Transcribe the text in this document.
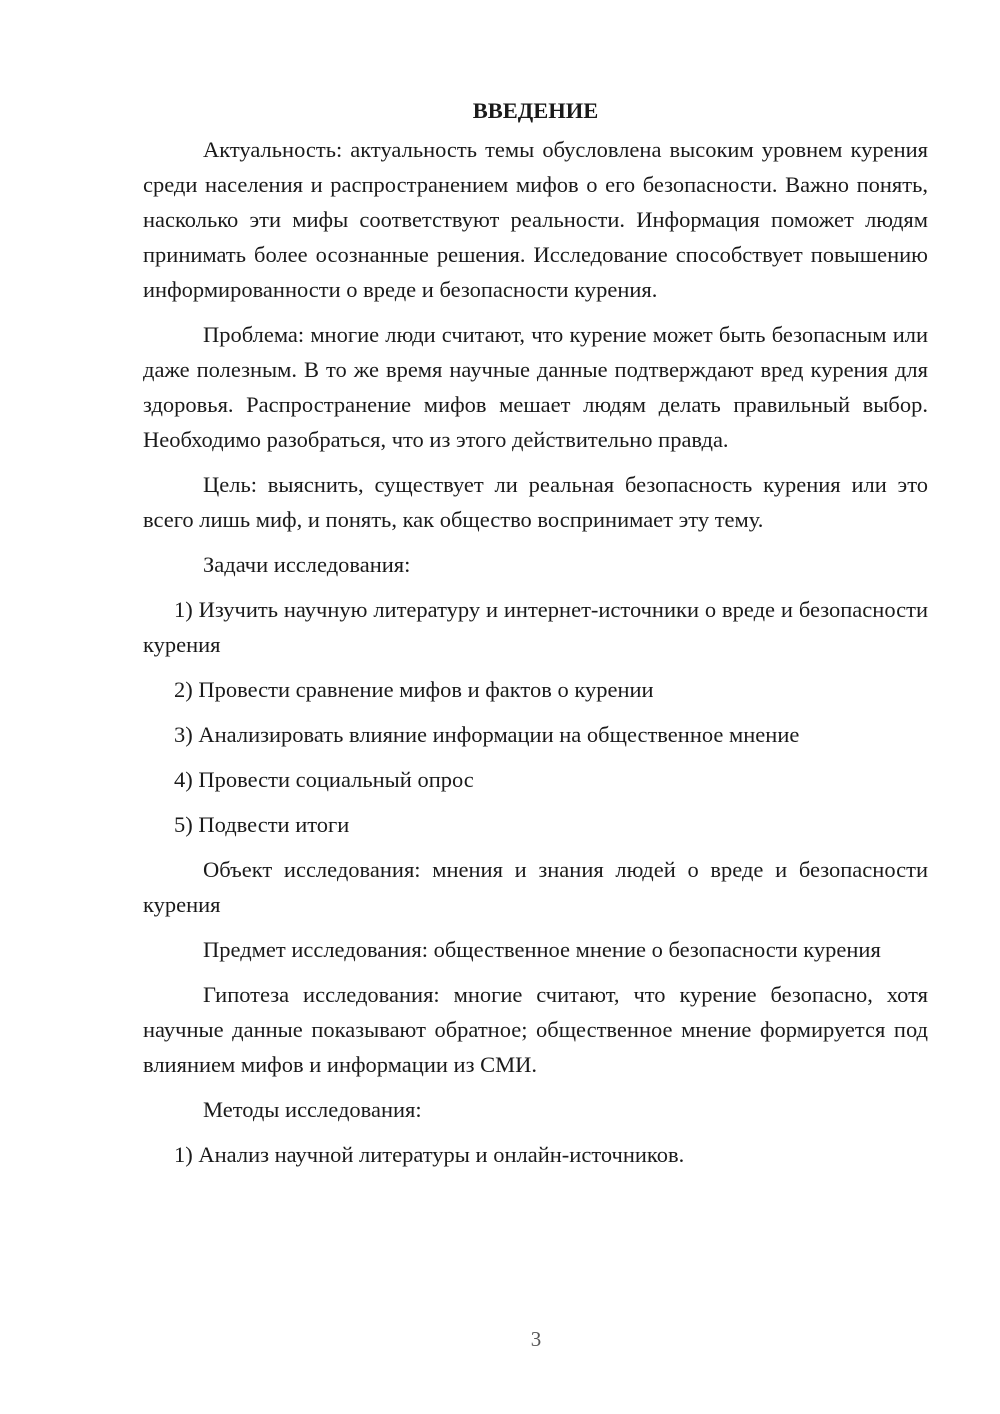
ВВЕДЕНИЕ

Актуальность: актуальность темы обусловлена высоким уровнем курения среди населения и распространением мифов о его безопасности. Важно понять, насколько эти мифы соответствуют реальности. Информация поможет людям принимать более осознанные решения. Исследование способствует повышению информированности о вреде и безопасности курения.

Проблема: многие люди считают, что курение может быть безопасным или даже полезным. В то же время научные данные подтверждают вред курения для здоровья. Распространение мифов мешает людям делать правильный выбор. Необходимо разобраться, что из этого действительно правда.

Цель: выяснить, существует ли реальная безопасность курения или это всего лишь миф, и понять, как общество воспринимает эту тему.

Задачи исследования:

1) Изучить научную литературу и интернет-источники о вреде и безопасности курения

2) Провести сравнение мифов и фактов о курении

3) Анализировать влияние информации на общественное мнение

4) Провести социальный опрос

5) Подвести итоги

Объект исследования: мнения и знания людей о вреде и безопасности курения

Предмет исследования: общественное мнение о безопасности курения

Гипотеза исследования: многие считают, что курение безопасно, хотя научные данные показывают обратное; общественное мнение формируется под влиянием мифов и информации из СМИ.

Методы исследования:

1) Анализ научной литературы и онлайн-источников.

3
